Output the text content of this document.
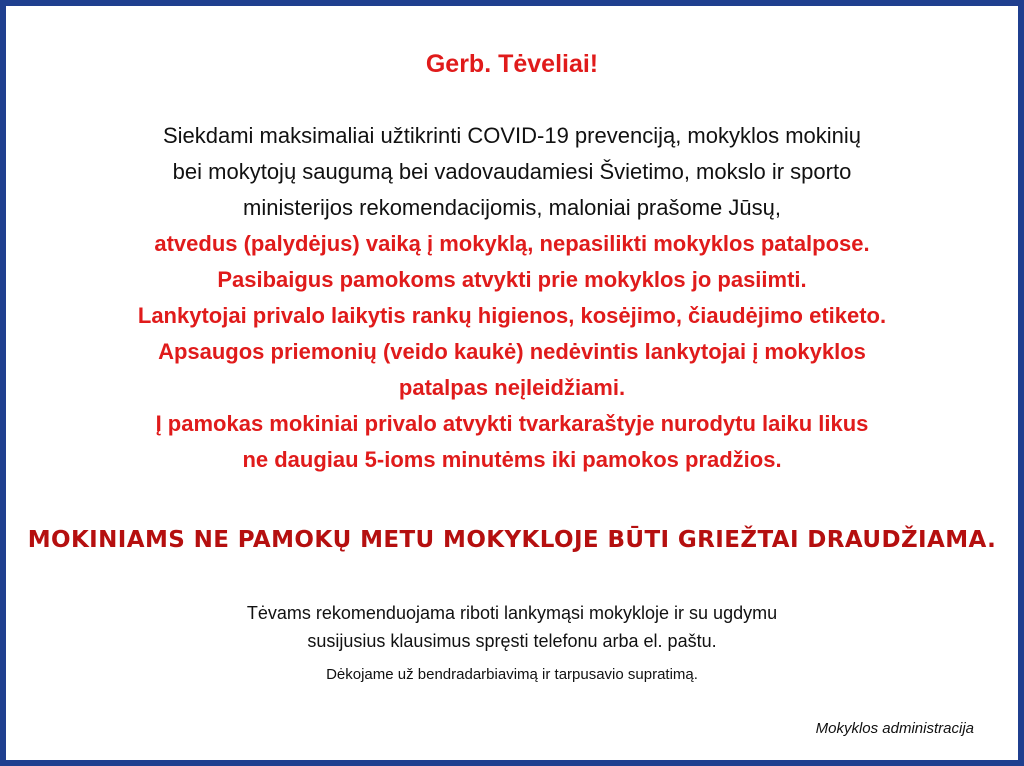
Gerb. Tėveliai!
Siekdami maksimaliai užtikrinti COVID-19 prevenciją, mokyklos mokinių
bei mokytojų saugumą bei vadovaudamiesi Švietimo, mokslo ir sporto
ministerijos rekomendacijomis, maloniai prašome Jūsų,
atvedus (palydėjus) vaiką į mokyklą, nepasilikti mokyklos patalpose.
Pasibaigus pamokoms atvykti prie mokyklos jo pasiimti.
Lankytojai privalo laikytis rankų higienos, kosėjimo, čiaudėjimo etiketo.
Apsaugos priemonių (veido kaukė) nedėvintis lankytojai į mokyklos
patalpas neįleidžiami.
Į pamokas mokiniai privalo atvykti tvarkaraštyje nurodytu laiku likus
ne daugiau 5-ioms minutėms iki pamokos pradžios.
MOKINIAMS NE PAMOKŲ METU MOKYKLOJE BŪTI GRIEŽTAI DRAUDŽIAMA.
Tėvams rekomenduojama riboti lankymąsi mokykloje ir su ugdymu
susijusius klausimus spręsti telefonu arba el. paštu.
Dėkojame už bendradarbiavimą ir tarpusavio supratimą.
Mokyklos administracija
